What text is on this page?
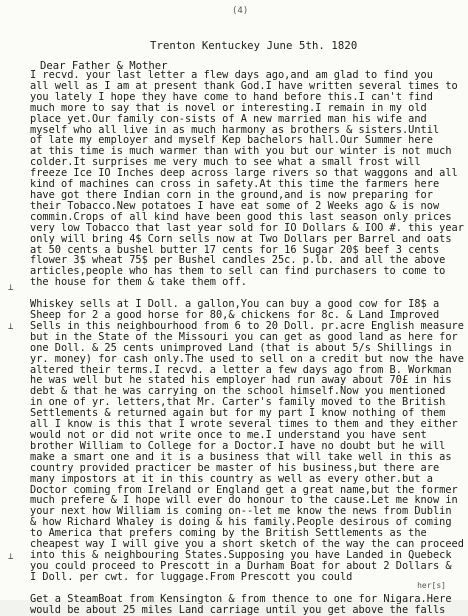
(4)
Trenton Kentuckey June 5th. 1820
Dear Father & Mother
⊥
⊥
⊥

I recvd. your last letter a flew days ago,and am glad to find you
all well as I am at present thank God.I have written several times to
you lately I hope they have come to hand before this.I can't find
much more to say that is novel or interesting.I remain in my old
place yet.Our family con-sists of A new married man his wife and
myself who all live in as much harmony as brothers & sisters.Until
of late my employer and myself Kep bachelors hall.Our Summer here
at this time is much warmer than with you but our winter is not much
colder.It surprises me very much to see what a small frost will
freeze Ice IO Inches deep across large rivers so that waggons and all
kind of machines can cross in safety.At this time the farmers here
have got there Indian corn in the ground,and is now preparing for
their Tobacco.New potatoes I have eat some of 2 Weeks ago & is now
commin.Crops of all kind have been good this last season only prices
very low Tobacco that last year sold for IO Dollars & IOO #. this year
only will bring 4$ Corn sells now at Two Dollars per Barrel and oats
at 50 cents a bushel butter 17 cents for 16 Sugar 20$ beef 3 cents
flower 3$ wheat 75$ per Bushel candles 25c. p.lb. and all the above
articles,people who has them to sell can find purchasers to come to
the house for them & take them off.

Whiskey sells at I Doll. a gallon,You can buy a good cow for I8$ a
Sheep for 2 a good horse for 80,& chickens for 8c. & Land Improved
Sells in this neighbourhood from 6 to 20 Doll. pr.acre English measure
but in the State of the Missouri you can get as good land as here for
one Doll. & 25 cents unimproved Land (that is about 5/s Shillings in
yr. money) for cash only.The used to sell on a credit but now the have
altered their terms.I recvd. a letter a few days ago from B. Workman
he was well but he stated his employer had run away about 70£ in his
debt & that he was carrying on the school himself.Now you mentioned
in one of yr. letters,that Mr. Carter's family moved to the British
Settlements & returned again but for my part I know nothing of them
all I know is this that I wrote several times to them and they either
would not or did not write once to me.I understand you have sent
brother William to College for a Doctor.I have no doubt but he will
make a smart one and it is a business that will take well in this as
country provided practicer be master of his business,but there are
many impostors at it in this country as well as every other.but a
Doctor coming from Ireland or England get a great name,but the former
much prefere & I hope will ever do honour to the cause.Let me know in
your next how William is coming on--let me know the news from Dublin
& how Richard Whaley is doing & his family.People desirous of coming
to America that prefers coming by the British Settlements as the
cheapest way I will give you a short sketch of the way the can proceed
into this & neighbouring States.Supposing you have Landed in Quebeck
you could proceed to Prescott in a Durham Boat for about 2 Dollars &
I Doll. per cwt. for luggage.From Prescott you could

Get a SteamBoat from Kensington & from thence to one for Nigara.Here
would be about 25 miles Land carriage until you get above the falls

her[s]
